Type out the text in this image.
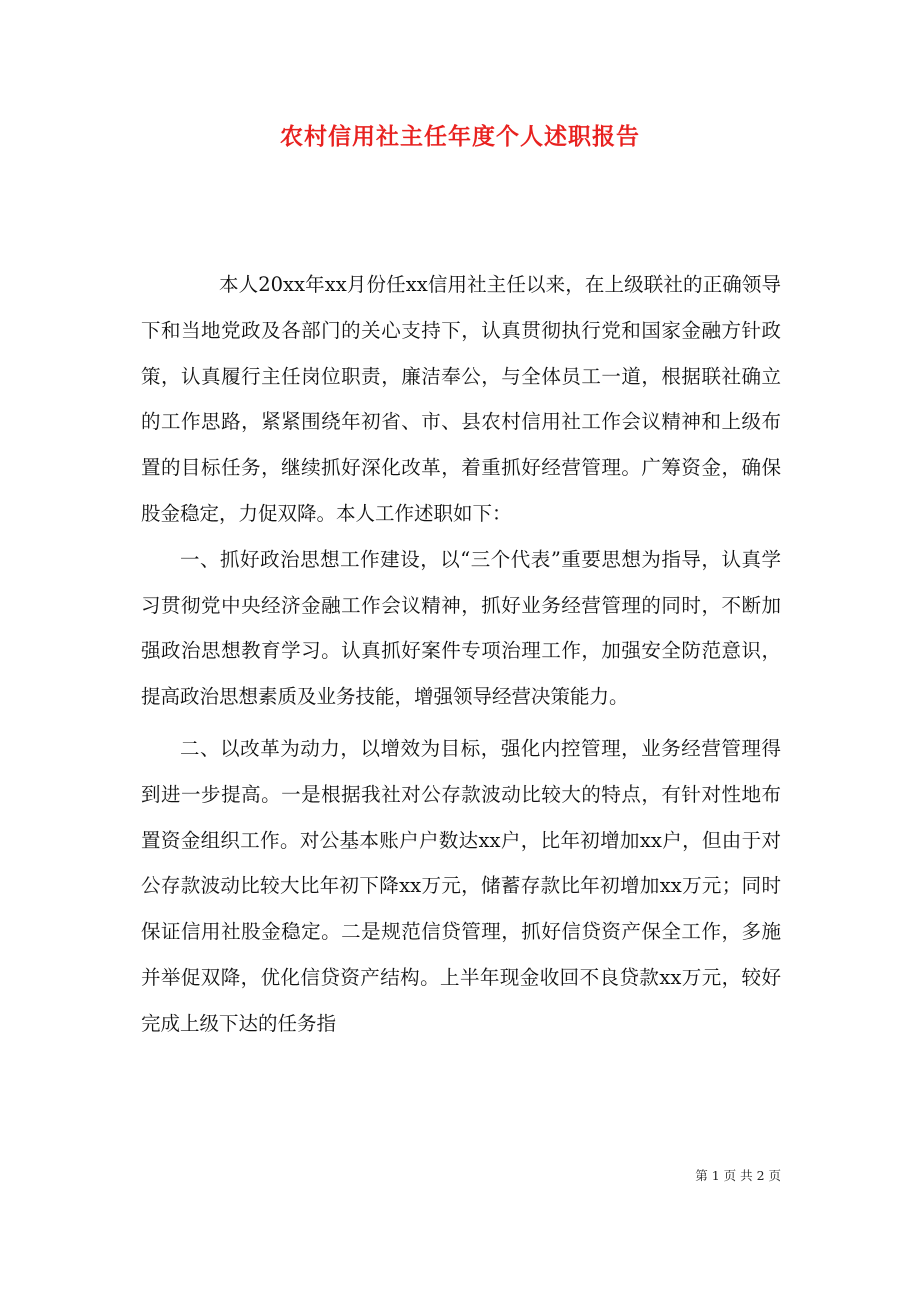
农村信用社主任年度个人述职报告

本人20xx年xx月份任xx信用社主任以来，在上级联社的正确领导下和当地党政及各部门的关心支持下，认真贯彻执行党和国家金融方针政策，认真履行主任岗位职责，廉洁奉公，与全体员工一道，根据联社确立的工作思路，紧紧围绕年初省、市、县农村信用社工作会议精神和上级布置的目标任务，继续抓好深化改革，着重抓好经营管理。广筹资金，确保股金稳定，力促双降。本人工作述职如下：

一、抓好政治思想工作建设，以“三个代表”重要思想为指导，认真学习贯彻党中央经济金融工作会议精神，抓好业务经营管理的同时，不断加强政治思想教育学习。认真抓好案件专项治理工作，加强安全防范意识，提高政治思想素质及业务技能，增强领导经营决策能力。

二、以改革为动力，以增效为目标，强化内控管理，业务经营管理得到进一步提高。一是根据我社对公存款波动比较大的特点，有针对性地布置资金组织工作。对公基本账户户数达xx户，比年初增加xx户，但由于对公存款波动比较大比年初下降xx万元，储蓄存款比年初增加xx万元；同时保证信用社股金稳定。二是规范信贷管理，抓好信贷资产保全工作，多施并举促双降，优化信贷资产结构。上半年现金收回不良贷款xx万元，较好完成上级下达的任务指

第 1 页 共 2 页
